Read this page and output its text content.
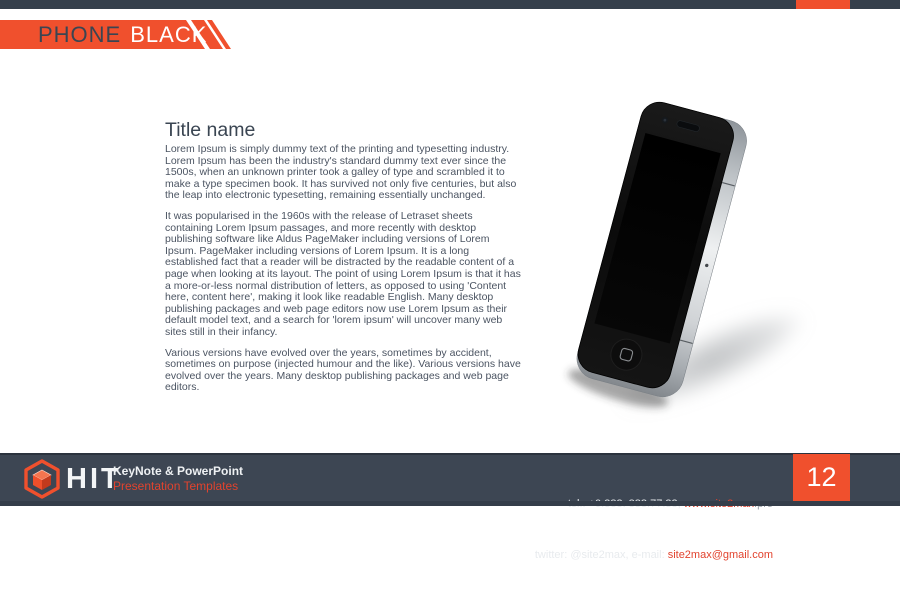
PHONE BLACK
Title name

Lorem Ipsum is simply dummy text of the printing and typesetting industry. Lorem Ipsum has been the industry's standard dummy text ever since the 1500s, when an unknown printer took a galley of type and scrambled it to make a type specimen book. It has survived not only five centuries, but also the leap into electronic typesetting, remaining essentially unchanged.

It was popularised in the 1960s with the release of Letraset sheets containing Lorem Ipsum passages, and more recently with desktop publishing software like Aldus PageMaker including versions of Lorem Ipsum. PageMaker including versions of Lorem Ipsum. It is a long established fact that a reader will be distracted by the readable content of a page when looking at its layout. The point of using Lorem Ipsum is that it has a more-or-less normal distribution of letters, as opposed to using 'Content here, content here', making it look like readable English. Many desktop publishing packages and web page editors now use Lorem Ipsum as their default model text, and a search for 'lorem ipsum' will uncover many web sites still in their infancy.

Various versions have evolved over the years, sometimes by accident, sometimes on purpose (injected humour and the like). Various versions have evolved over the years. Many desktop publishing packages and web page editors.

HIT
KeyNote & PowerPoint
Presentation Templates

twitter: @site2max, e-mail: site2max@gmail.com

12
